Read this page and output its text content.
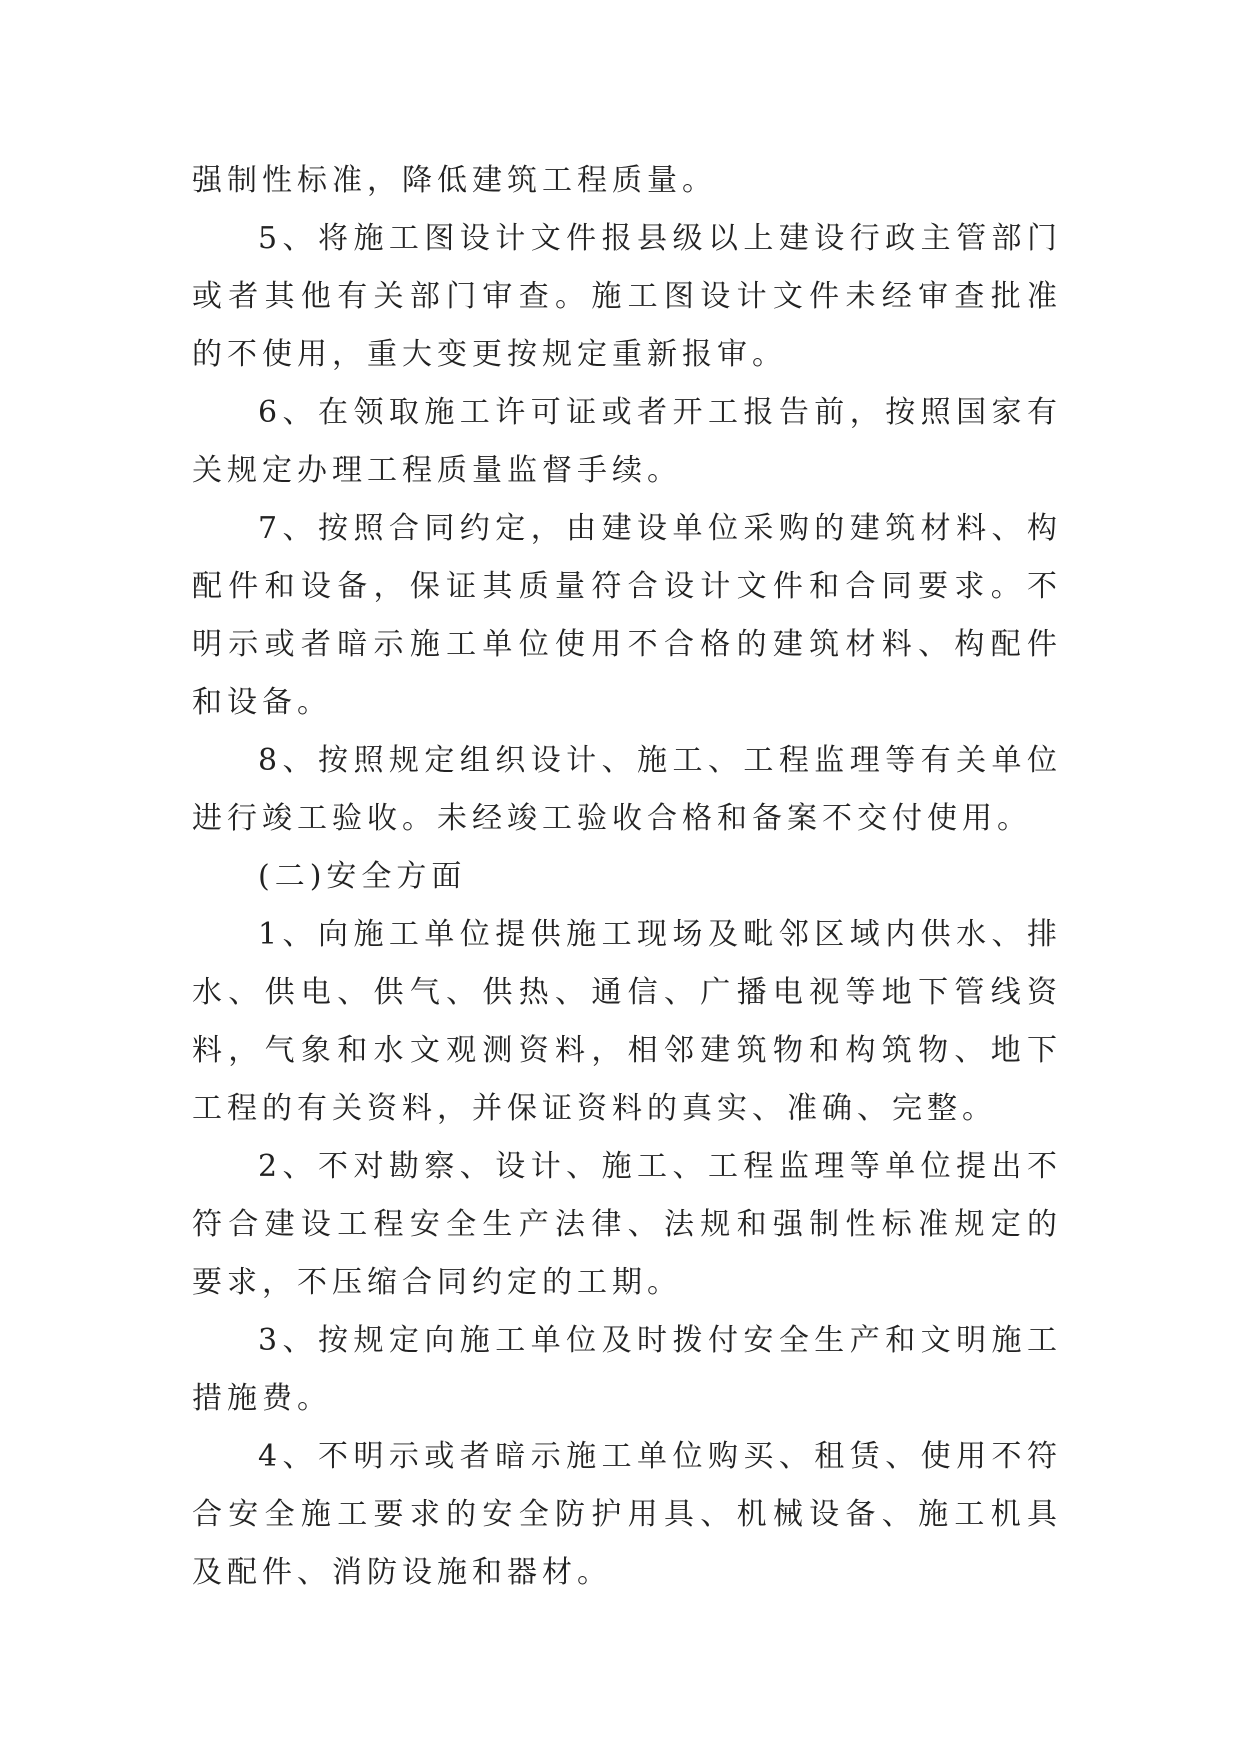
强制性标准，降低建筑工程质量。

5、将施工图设计文件报县级以上建设行政主管部门或者其他有关部门审查。施工图设计文件未经审查批准的不使用，重大变更按规定重新报审。

6、在领取施工许可证或者开工报告前，按照国家有关规定办理工程质量监督手续。

7、按照合同约定，由建设单位采购的建筑材料、构配件和设备，保证其质量符合设计文件和合同要求。不明示或者暗示施工单位使用不合格的建筑材料、构配件和设备。

8、按照规定组织设计、施工、工程监理等有关单位进行竣工验收。未经竣工验收合格和备案不交付使用。

(二)安全方面

1、向施工单位提供施工现场及毗邻区域内供水、排水、供电、供气、供热、通信、广播电视等地下管线资料，气象和水文观测资料，相邻建筑物和构筑物、地下工程的有关资料，并保证资料的真实、准确、完整。

2、不对勘察、设计、施工、工程监理等单位提出不符合建设工程安全生产法律、法规和强制性标准规定的要求，不压缩合同约定的工期。

3、按规定向施工单位及时拨付安全生产和文明施工措施费。

4、不明示或者暗示施工单位购买、租赁、使用不符合安全施工要求的安全防护用具、机械设备、施工机具及配件、消防设施和器材。
